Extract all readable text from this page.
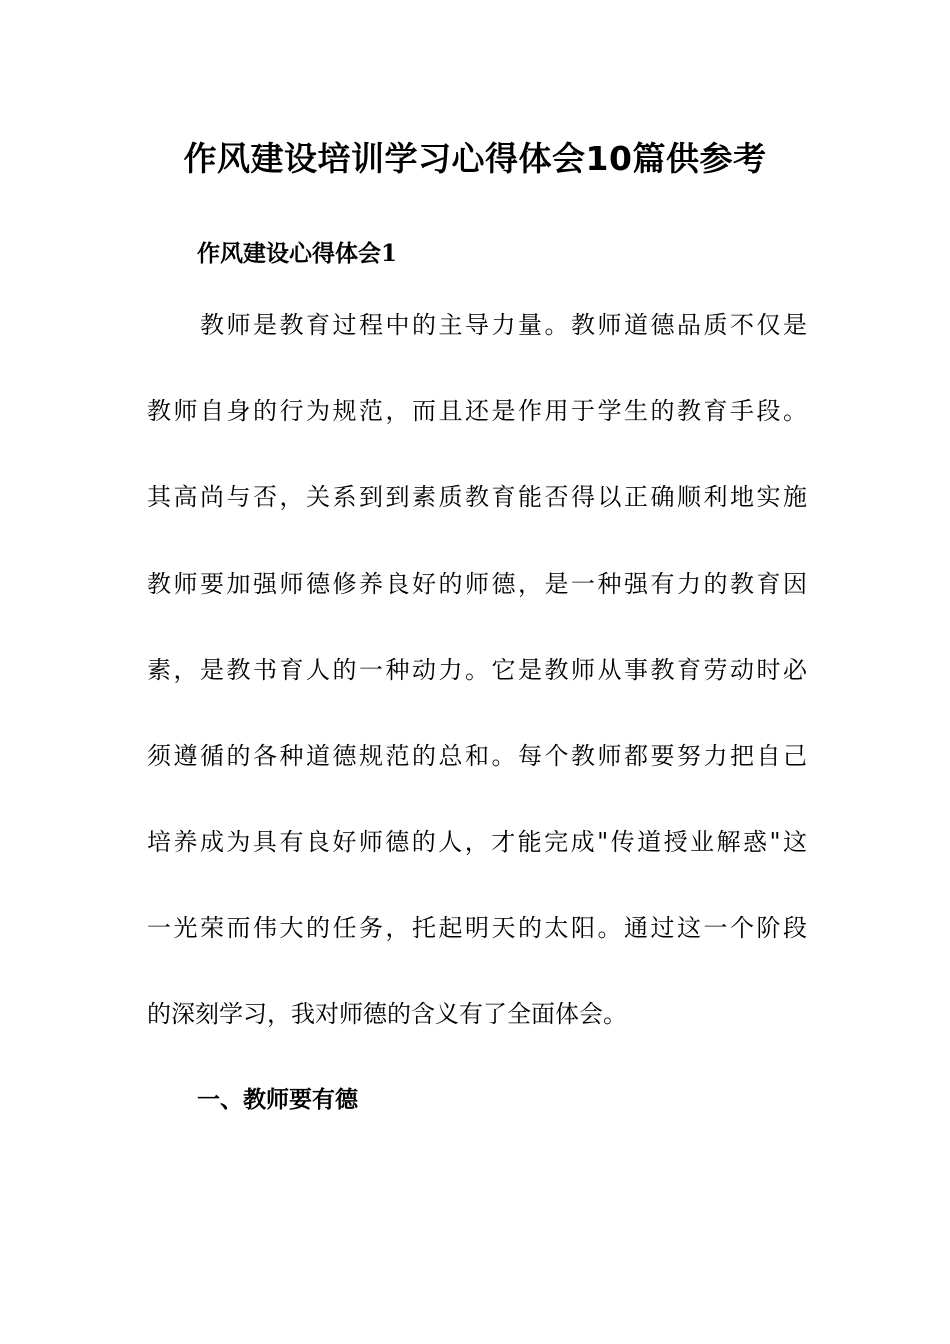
作风建设培训学习心得体会10篇供参考
作风建设心得体会1
　　教师是教育过程中的主导力量。教师道德品质不仅是
教师自身的行为规范，而且还是作用于学生的教育手段。
其高尚与否，关系到到素质教育能否得以正确顺利地实施
教师要加强师德修养良好的师德，是一种强有力的教育因
素，是教书育人的一种动力。它是教师从事教育劳动时必
须遵循的各种道德规范的总和。每个教师都要努力把自己
培养成为具有良好师德的人，才能完成"传道授业解惑"这
一光荣而伟大的任务，托起明天的太阳。通过这一个阶段
的深刻学习，我对师德的含义有了全面体会。
一、教师要有德
